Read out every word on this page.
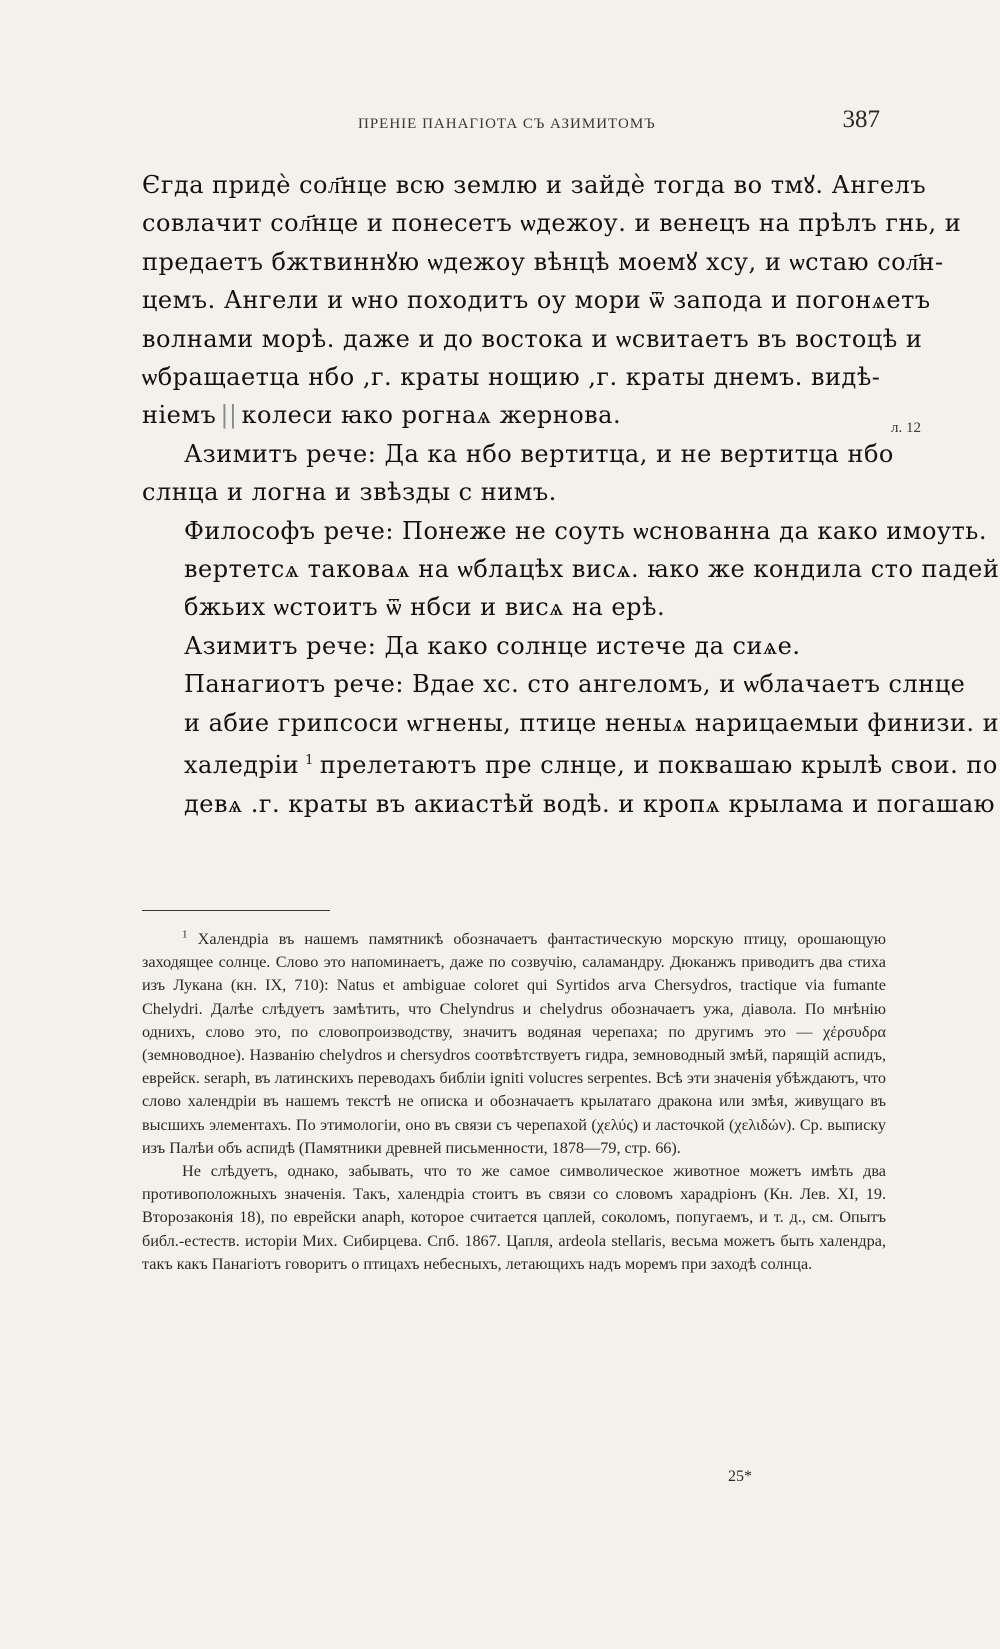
ПРЕНІЕ ПАНАГІОТА СЪ АЗИМИТОМЪ	387

Єгда придѐ сол҃нце всю землю и зайдѐ тогда во тмꙋ. Ангелъ
совлачит сол҃нце и понесетъ ѡдежоу. и венецъ на прѣлъ гнь, и
предаетъ бжтвиннꙋю ѡдежоу вѣнцѣ моемꙋ хсу, и ѡстаю сол҃н-
цемъ. Ангели и ѡно походитъ оу мори ѿ запода и погонѧетъ
волнами морѣ. даже и до востока и ѡсвитаетъ въ востоцѣ и
ѡбращаетца нбо ,г. краты нощию ,г. краты днемъ. видѣ-
ніемъ || колеси ꙗко рогнаѧ жернова.

Азимитъ рече: Да ка нбо вертитца, и не вертитца нбо
слнца и логна и звѣзды с нимъ.

Философъ рече: Понеже не соуть ѡснованна да како имоуть.
вертетсѧ таковаѧ на ѡблацѣх висѧ. ꙗко же кондила сто падей
бжьих ѡстоитъ ѿ нбси и висѧ на ерѣ.

Азимитъ рече: Да како солнце истече да сиѧе.

Панагиотъ рече: Вдае хс. сто ангеломъ, и ѡблачаетъ слнце
и абие грипсоси ѡгнены, птице неныѧ нарицаемыи финизи. и
халедріи $^1$ прелетаютъ пре слнце, и поквашаю крылѣ свои. по
девѧ .г. краты въ акиастѣй водѣ. и кропѧ крылама и погашаю

л. 12

$^1$ Халендріа въ нашемъ памятникѣ обозначаетъ фантастическую морскую птицу, орошающую заходящее солнце. Слово это напоминаетъ, даже по созвучію, саламандру. Дюканжъ приводитъ два стиха изъ Лукана (кн. IX, 710): Natus et ambiguae coloret qui Syrtidos arva Chersydros, tractique via fumante Chelydri. Далѣе слѣдуетъ замѣтить, что Chelyndrus и chelydrus обозначаетъ ужа, діавола. По мнѣнію однихъ, слово это, по словопроизводству, значитъ водяная черепаха; по другимъ это — χέρσυδρα (земноводное). Названію chelydros и chersydros соотвѣтствуетъ гидра, земноводный змѣй, парящій аспидъ, еврейск. seraph, въ латинскихъ переводахъ библіи igniti volucres serpentes. Всѣ эти значенія убѣждаютъ, что слово халендріи въ нашемъ текстѣ не описка и обозначаетъ крылатаго дракона или змѣя, живущаго въ высшихъ элементахъ. По этимологіи, оно въ связи съ черепахой (χελύς) и ласточкой (χελιδών). Ср. выписку изъ Палѣи объ аспидѣ (Памятники древней письменности, 1878—79, стр. 66).

Не слѣдуетъ, однако, забывать, что то же самое символическое животное можетъ имѣть два противоположныхъ значенія. Такъ, халендріа стоитъ въ связи со словомъ харадріонъ (Кн. Лев. XI, 19. Второзаконія 18), по еврейски anaph, которое считается цаплей, соколомъ, попугаемъ, и т. д., см. Опытъ библ.-естеств. исторіи Мих. Сибирцева. Спб. 1867. Цапля, ardeola stellaris, весьма можетъ быть халендра, такъ какъ Панагіотъ говоритъ о птицахъ небесныхъ, летающихъ надъ моремъ при заходѣ солнца.

25*
